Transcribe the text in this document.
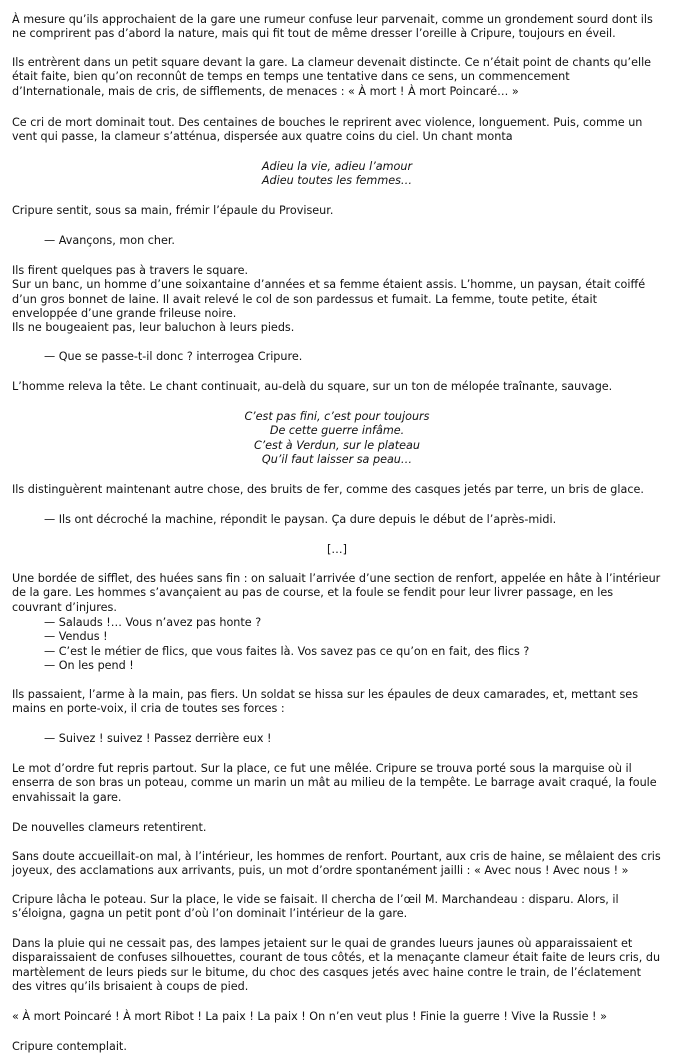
À mesure qu’ils approchaient de la gare une rumeur confuse leur parvenait, comme un grondement sourd dont ils ne comprirent pas d’abord la nature, mais qui fit tout de même dresser l’oreille à Cripure, toujours en éveil.

Ils entrèrent dans un petit square devant la gare. La clameur devenait distincte. Ce n’était point de chants qu’elle était faite, bien qu’on reconnût de temps en temps une tentative dans ce sens, un commencement d’Internationale, mais de cris, de sifflements, de menaces : « À mort ! À mort Poincaré… »

Ce cri de mort dominait tout. Des centaines de bouches le reprirent avec violence, longuement. Puis, comme un vent qui passe, la clameur s’atténua, dispersée aux quatre coins du ciel. Un chant monta

Adieu la vie, adieu l’amour
Adieu toutes les femmes…

Cripure sentit, sous sa main, frémir l’épaule du Proviseur.

— Avançons, mon cher.

Ils firent quelques pas à travers le square.
Sur un banc, un homme d’une soixantaine d’années et sa femme étaient assis. L’homme, un paysan, était coiffé d’un gros bonnet de laine. Il avait relevé le col de son pardessus et fumait. La femme, toute petite, était enveloppée d’une grande frileuse noire.
Ils ne bougeaient pas, leur baluchon à leurs pieds.

— Que se passe-t-il donc ? interrogea Cripure.

L’homme releva la tête. Le chant continuait, au-delà du square, sur un ton de mélopée traînante, sauvage.

C’est pas fini, c’est pour toujours
De cette guerre infâme.
C’est à Verdun, sur le plateau
Qu’il faut laisser sa peau…

Ils distinguèrent maintenant autre chose, des bruits de fer, comme des casques jetés par terre, un bris de glace.

— Ils ont décroché la machine, répondit le paysan. Ça dure depuis le début de l’après-midi.

[…]

Une bordée de sifflet, des huées sans fin : on saluait l’arrivée d’une section de renfort, appelée en hâte à l’intérieur de la gare. Les hommes s’avançaient au pas de course, et la foule se fendit pour leur livrer passage, en les couvrant d’injures.

— Salauds !… Vous n’avez pas honte ?
— Vendus !
— C’est le métier de flics, que vous faites là. Vos savez pas ce qu’on en fait, des flics ?
— On les pend !

Ils passaient, l’arme à la main, pas fiers. Un soldat se hissa sur les épaules de deux camarades, et, mettant ses mains en porte-voix, il cria de toutes ses forces :

— Suivez ! suivez ! Passez derrière eux !

Le mot d’ordre fut repris partout. Sur la place, ce fut une mêlée. Cripure se trouva porté sous la marquise où il enserra de son bras un poteau, comme un marin un mât au milieu de la tempête. Le barrage avait craqué, la foule envahissait la gare.

De nouvelles clameurs retentirent.

Sans doute accueillait-on mal, à l’intérieur, les hommes de renfort. Pourtant, aux cris de haine, se mêlaient des cris joyeux, des acclamations aux arrivants, puis, un mot d’ordre spontanément jailli : « Avec nous ! Avec nous ! »

Cripure lâcha le poteau. Sur la place, le vide se faisait. Il chercha de l’œil M. Marchandeau : disparu. Alors, il s’éloigna, gagna un petit pont d’où l’on dominait l’intérieur de la gare.

Dans la pluie qui ne cessait pas, des lampes jetaient sur le quai de grandes lueurs jaunes où apparaissaient et disparaissaient de confuses silhouettes, courant de tous côtés, et la menaçante clameur était faite de leurs cris, du martèlement de leurs pieds sur le bitume, du choc des casques jetés avec haine contre le train, de l’éclatement des vitres qu’ils brisaient à coups de pied.

« À mort Poincaré ! À mort Ribot ! La paix ! La paix ! On n’en veut plus ! Finie la guerre ! Vive la Russie ! »

Cripure contemplait.
